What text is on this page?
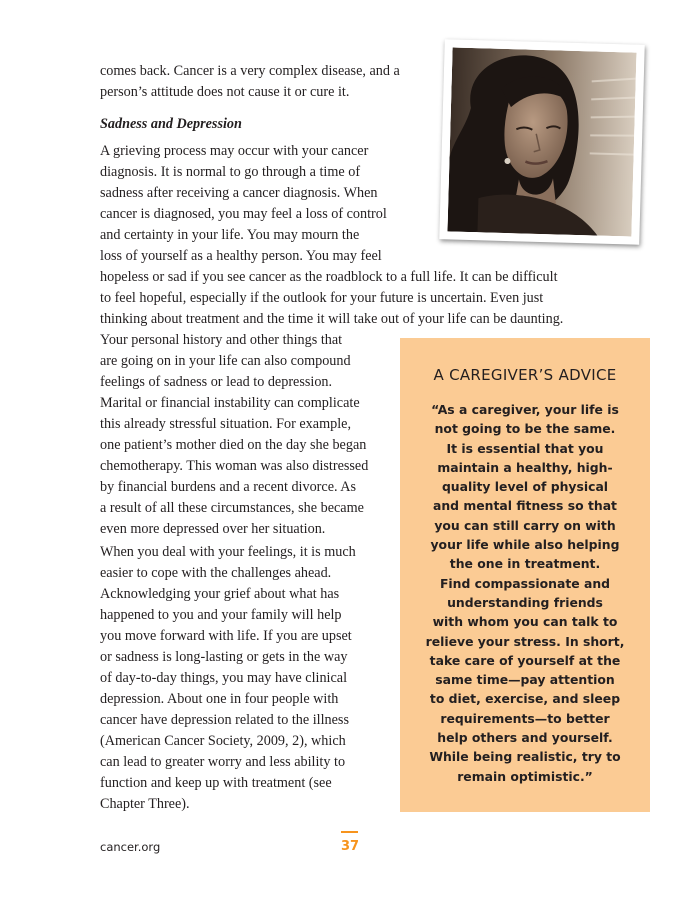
comes back. Cancer is a very complex disease, and a
person’s attitude does not cause it or cure it.

Sadness and Depression

A grieving process may occur with your cancer
diagnosis. It is normal to go through a time of
sadness after receiving a cancer diagnosis. When
cancer is diagnosed, you may feel a loss of control
and certainty in your life. You may mourn the
loss of yourself as a healthy person. You may feel
hopeless or sad if you see cancer as the roadblock to a full life. It can be difficult
to feel hopeful, especially if the outlook for your future is uncertain. Even just
thinking about treatment and the time it will take out of your life can be daunting.
Your personal history and other things that
are going on in your life can also compound
feelings of sadness or lead to depression.
Marital or financial instability can complicate
this already stressful situation. For example,
one patient’s mother died on the day she began
chemotherapy. This woman was also distressed
by financial burdens and a recent divorce. As
a result of all these circumstances, she became
even more depressed over her situation.

When you deal with your feelings, it is much
easier to cope with the challenges ahead.
Acknowledging your grief about what has
happened to you and your family will help
you move forward with life. If you are upset
or sadness is long-lasting or gets in the way
of day-to-day things, you may have clinical
depression. About one in four people with
cancer have depression related to the illness
(American Cancer Society, 2009, 2), which
can lead to greater worry and less ability to
function and keep up with treatment (see
Chapter Three).

A CAREGIVER’S ADVICE
“As a caregiver, your life is
not going to be the same.
It is essential that you
maintain a healthy, high-
quality level of physical
and mental fitness so that
you can still carry on with
your life while also helping
the one in treatment.
Find compassionate and
understanding friends
with whom you can talk to
relieve your stress. In short,
take care of yourself at the
same time—pay attention
to diet, exercise, and sleep
requirements—to better
help others and yourself.
While being realistic, try to
remain optimistic.”
cancer.org	37
